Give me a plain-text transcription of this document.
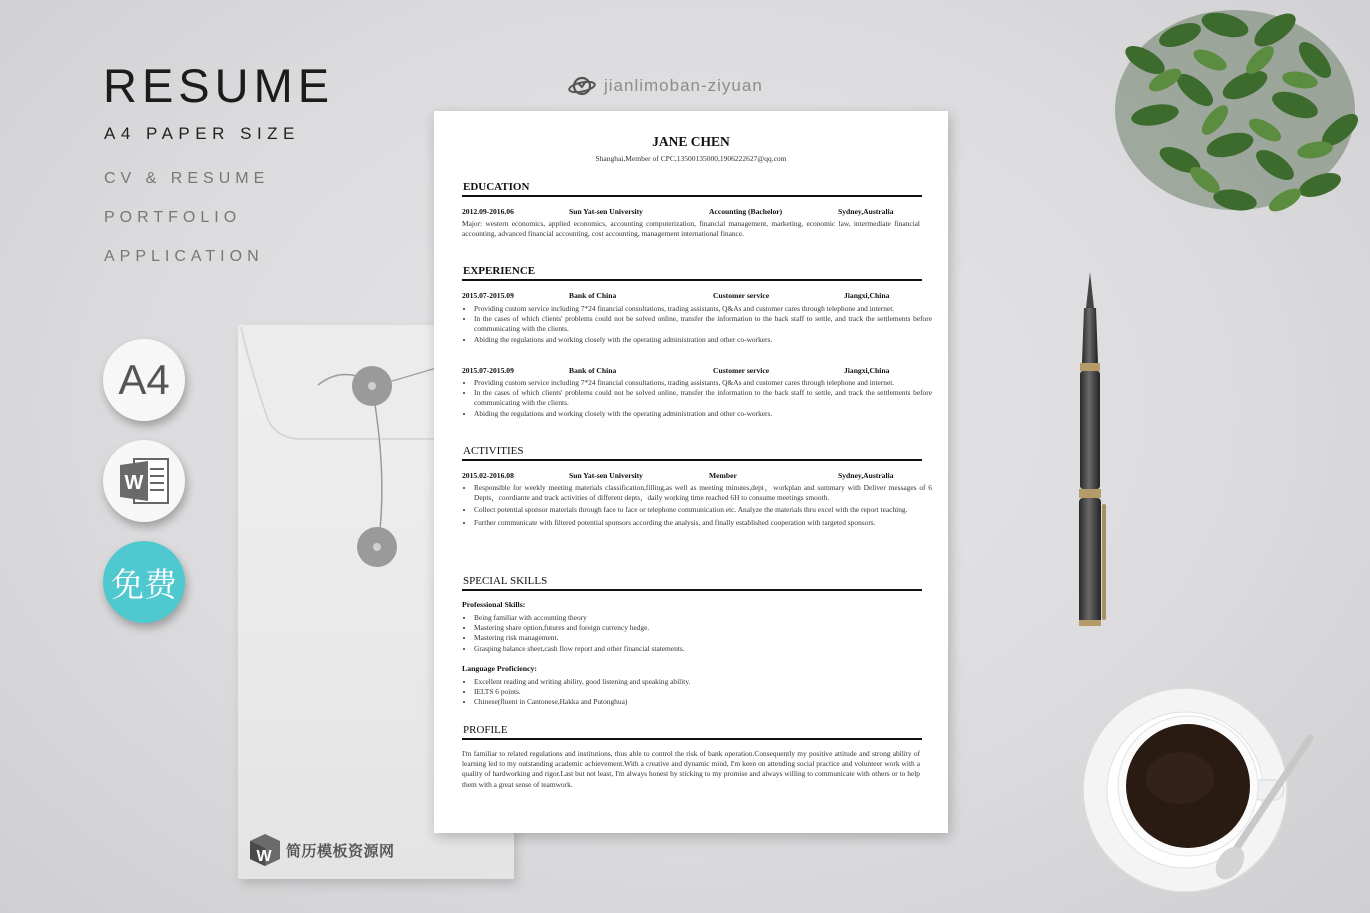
RESUME
A4 PAPER SIZE
CV & RESUME
PORTFOLIO
APPLICATION
A4
W
免费
W 简历模板资源网
jianlimoban-ziyuan
JANE CHEN
Shanghai,Member of CPC,13500135000,1906222627@qq.com
EDUCATION
2012.09-2016.06	Sun Yat-sen University	Accounting (Bachelor)	Sydney,Australia
Major: western economics, applied economics, accounting computerization, financial management, marketing, economic law, intermediate financial accounting, advanced financial accounting, cost accounting, management international finance.
EXPERIENCE
2015.07-2015.09	Bank of China	Customer service	Jiangxi,China
• Providing custom service including 7*24 financial consultations, trading assistants, Q&As and customer cares through telephone and internet.
• In the cases of which clients' problems could not be solved online, transfer the information to the back staff to settle, and track the settlements before communicating with the clients.
• Abiding the regulations and working closely with the operating administration and other co-workers.
2015.07-2015.09	Bank of China	Customer service	Jiangxi,China
• Providing custom service including 7*24 financial consultations, trading assistants, Q&As and customer cares through telephone and internet.
• In the cases of which clients' problems could not be solved online, transfer the information to the back staff to settle, and track the settlements before communicating with the clients.
• Abiding the regulations and working closely with the operating administration and other co-workers.
ACTIVITIES
2015.02-2016.08	Sun Yat-sen University	Member	Sydney,Australia
• Responsible for weekly meeting materials classification,filling,as well as meeting minutes,dept，workplan and summary with Deliver messages of 6 Depts，coordiante and track activities of different depts，daily working time reached 6H to consume meetings smooth.
• Collect potential sponsor materials through face to face or telephone communication etc. Analyze the materials thru excel with the report teaching.
• Further communicate with filtered potential sponsors according the analysis, and finally established cooperation with targeted sponsors.
SPECIAL SKILLS
Professional Skills:
• Being familiar with accounting theory
• Mastering share option,futures and foreign currency hedge.
• Mastering risk management.
• Grasping balance sheet,cash flow report and other financial statements.
Language Proficiency:
• Excellent reading and writing ability, good listening and speaking ability.
• IELTS 6 points.
• Chinese(fluent in Cantonese,Hakka and Putonghua)
PROFILE
I'm familiar to related regulations and institutions, thus able to control the risk of bank operation.Consequently my positive attitude and strong ability of learning led to my outstanding academic achievement.With a creative and dynamic mind, I'm keen on attending social practice and volunteer work with a quality of hardworking and rigor.Last but not least, I'm always honest by sticking to my promise and always willing to communicate with others or to help them with a great sense of teamwork.
